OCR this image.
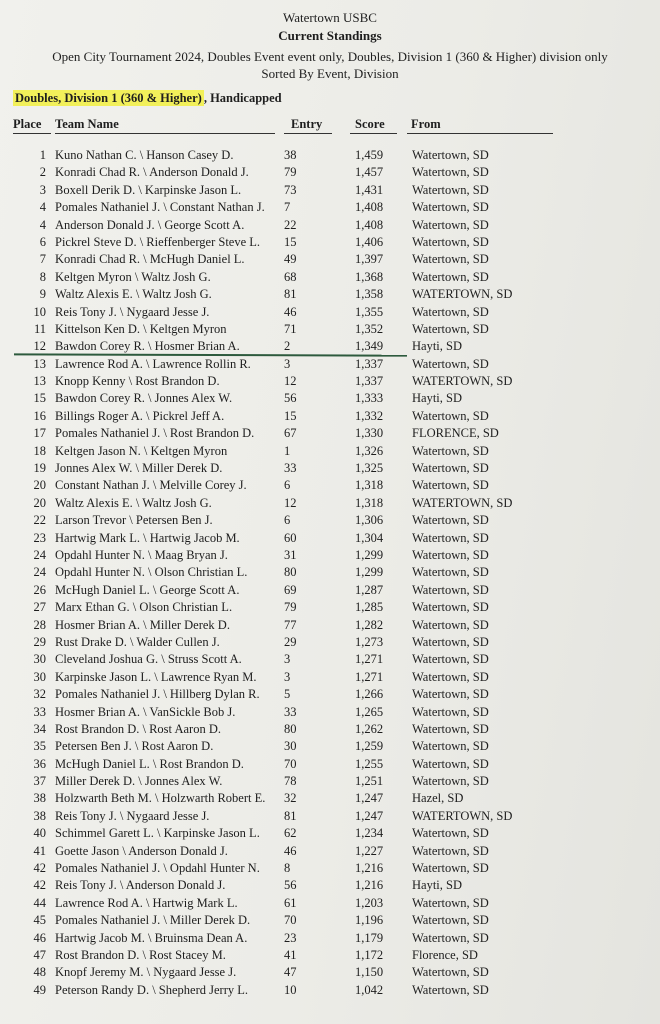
Watertown USBC
Current Standings
Open City Tournament 2024, Doubles Event event only, Doubles, Division 1 (360 & Higher) division only
Sorted By Event, Division
Doubles, Division 1 (360 & Higher) , Handicapped
Place Team Name	Entry	Score From
1 Kuno Nathan C. \ Hanson Casey D.	38	1,459 Watertown, SD
2 Konradi Chad R. \ Anderson Donald J.	79	1,457 Watertown, SD
3 Boxell Derik D. \ Karpinske Jason L.	73	1,431 Watertown, SD
4 Pomales Nathaniel J. \ Constant Nathan J. 7	1,408 Watertown, SD
4 Anderson Donald J. \ George Scott A.	22	1,408 Watertown, SD
6 Pickrel Steve D. \ Rieffenberger Steve L. 15	1,406 Watertown, SD
7 Konradi Chad R. \ McHugh Daniel L.	49	1,397 Watertown, SD
8 Keltgen Myron \ Waltz Josh G.	68	1,368 Watertown, SD
9 Waltz Alexis E. \ Waltz Josh G.	81	1,358 WATERTOWN, SD
10 Reis Tony J. \ Nygaard Jesse J.	46	1,355 Watertown, SD
11 Kittelson Ken D. \ Keltgen Myron	71	1,352 Watertown, SD
12 Bawdon Corey R. \ Hosmer Brian A.	2	1,349 Hayti, SD
13 Lawrence Rod A. \ Lawrence Rollin R.	3	1,337 Watertown, SD
13 Knopp Kenny \ Rost Brandon D.	12	1,337 WATERTOWN, SD
15 Bawdon Corey R. \ Jonnes Alex W.	56	1,333 Hayti, SD
16 Billings Roger A. \ Pickrel Jeff A.	15	1,332 Watertown, SD
17 Pomales Nathaniel J. \ Rost Brandon D. 67	1,330 FLORENCE, SD
18 Keltgen Jason N. \ Keltgen Myron	1	1,326 Watertown, SD
19 Jonnes Alex W. \ Miller Derek D.	33	1,325 Watertown, SD
20 Constant Nathan J. \ Melville Corey J.	6	1,318 Watertown, SD
20 Waltz Alexis E. \ Waltz Josh G.	12	1,318 WATERTOWN, SD
22 Larson Trevor \ Petersen Ben J.	6	1,306 Watertown, SD
23 Hartwig Mark L. \ Hartwig Jacob M.	60	1,304 Watertown, SD
24 Opdahl Hunter N. \ Maag Bryan J.	31	1,299 Watertown, SD
24 Opdahl Hunter N. \ Olson Christian L.	80	1,299 Watertown, SD
26 McHugh Daniel L. \ George Scott A.	69	1,287 Watertown, SD
27 Marx Ethan G. \ Olson Christian L.	79	1,285 Watertown, SD
28 Hosmer Brian A. \ Miller Derek D.	77	1,282 Watertown, SD
29 Rust Drake D. \ Walder Cullen J.	29	1,273 Watertown, SD
30 Cleveland Joshua G. \ Struss Scott A.	3	1,271 Watertown, SD
30 Karpinske Jason L. \ Lawrence Ryan M. 3	1,271 Watertown, SD
32 Pomales Nathaniel J. \ Hillberg Dylan R. 5	1,266 Watertown, SD
33 Hosmer Brian A. \ VanSickle Bob J.	33	1,265 Watertown, SD
34 Rost Brandon D. \ Rost Aaron D.	80	1,262 Watertown, SD
35 Petersen Ben J. \ Rost Aaron D.	30	1,259 Watertown, SD
36 McHugh Daniel L. \ Rost Brandon D.	70	1,255 Watertown, SD
37 Miller Derek D. \ Jonnes Alex W.	78	1,251 Watertown, SD
38 Holzwarth Beth M. \ Holzwarth Robert E. 32	1,247 Hazel, SD
38 Reis Tony J. \ Nygaard Jesse J.	81	1,247 WATERTOWN, SD
40 Schimmel Garett L. \ Karpinske Jason L. 62	1,234 Watertown, SD
41 Goette Jason \ Anderson Donald J.	46	1,227 Watertown, SD
42 Pomales Nathaniel J. \ Opdahl Hunter N. 8	1,216 Watertown, SD
42 Reis Tony J. \ Anderson Donald J.	56	1,216 Hayti, SD
44 Lawrence Rod A. \ Hartwig Mark L.	61	1,203 Watertown, SD
45 Pomales Nathaniel J. \ Miller Derek D.	70	1,196 Watertown, SD
46 Hartwig Jacob M. \ Bruinsma Dean A.	23	1,179 Watertown, SD
47 Rost Brandon D. \ Rost Stacey M.	41	1,172 Florence, SD
48 Knopf Jeremy M. \ Nygaard Jesse J.	47	1,150 Watertown, SD
49 Peterson Randy D. \ Shepherd Jerry L.	10	1,042 Watertown, SD
